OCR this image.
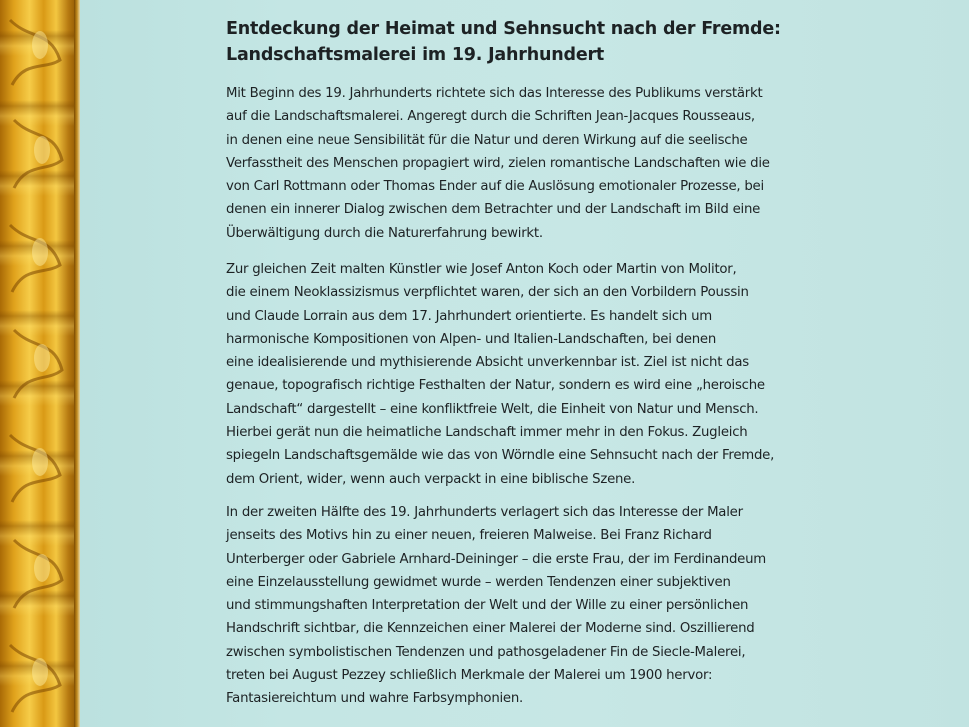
Entdeckung der Heimat und Sehnsucht nach der Fremde:
Landschaftsmalerei im 19. Jahrhundert

Mit Beginn des 19. Jahrhunderts richtete sich das Interesse des Publikums verstärkt
auf die Landschaftsmalerei. Angeregt durch die Schriften Jean-Jacques Rousseaus,
in denen eine neue Sensibilität für die Natur und deren Wirkung auf die seelische
Verfasstheit des Menschen propagiert wird, zielen romantische Landschaften wie die
von Carl Rottmann oder Thomas Ender auf die Auslösung emotionaler Prozesse, bei
denen ein innerer Dialog zwischen dem Betrachter und der Landschaft im Bild eine
Überwältigung durch die Naturerfahrung bewirkt.

Zur gleichen Zeit malten Künstler wie Josef Anton Koch oder Martin von Molitor,
die einem Neoklassizismus verpflichtet waren, der sich an den Vorbildern Poussin
und Claude Lorrain aus dem 17. Jahrhundert orientierte. Es handelt sich um
harmonische Kompositionen von Alpen- und Italien-Landschaften, bei denen
eine idealisierende und mythisierende Absicht unverkennbar ist. Ziel ist nicht das
genaue, topografisch richtige Festhalten der Natur, sondern es wird eine „heroische
Landschaft“ dargestellt – eine konfliktfreie Welt, die Einheit von Natur und Mensch.
Hierbei gerät nun die heimatliche Landschaft immer mehr in den Fokus. Zugleich
spiegeln Landschaftsgemälde wie das von Wörndle eine Sehnsucht nach der Fremde,
dem Orient, wider, wenn auch verpackt in eine biblische Szene.

In der zweiten Hälfte des 19. Jahrhunderts verlagert sich das Interesse der Maler
jenseits des Motivs hin zu einer neuen, freieren Malweise. Bei Franz Richard
Unterberger oder Gabriele Arnhard-Deininger – die erste Frau, der im Ferdinandeum
eine Einzelausstellung gewidmet wurde – werden Tendenzen einer subjektiven
und stimmungshaften Interpretation der Welt und der Wille zu einer persönlichen
Handschrift sichtbar, die Kennzeichen einer Malerei der Moderne sind. Oszillierend
zwischen symbolistischen Tendenzen und pathosgeladener Fin de Siecle-Malerei,
treten bei August Pezzey schließlich Merkmale der Malerei um 1900 hervor:
Fantasiereichtum und wahre Farbsymphonien.
